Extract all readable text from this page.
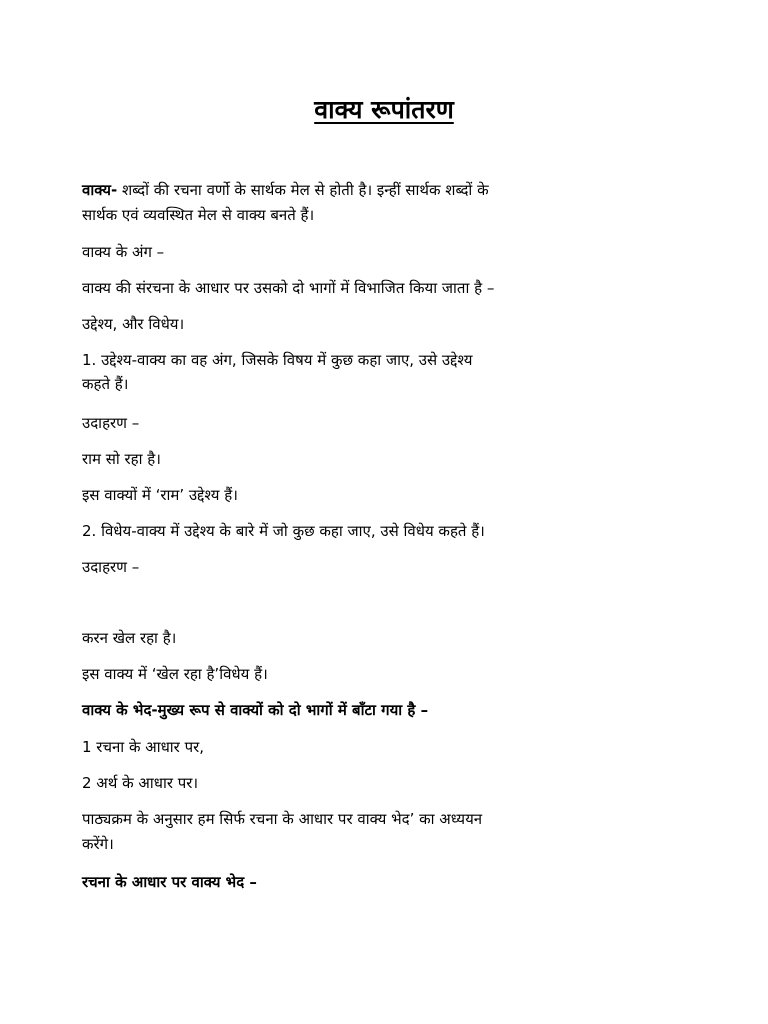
वाक्य रूपांतरण
वाक्य- शब्दों की रचना वर्णो के सार्थक मेल से होती है। इन्हीं सार्थक शब्दों के
सार्थक एवं व्यवस्थित मेल से वाक्य बनते हैं।
वाक्य के अंग –
वाक्य की संरचना के आधार पर उसको दो भागों में विभाजित किया जाता है –
उद्देश्य, और विधेय।
1. उद्देश्य-वाक्य का वह अंग, जिसके विषय में कुछ कहा जाए, उसे उद्देश्य
कहते हैं।
उदाहरण –
राम सो रहा है।
इस वाक्यों में ‘राम’ उद्देश्य हैं।
2. विधेय-वाक्य में उद्देश्य के बारे में जो कुछ कहा जाए, उसे विधेय कहते हैं।
उदाहरण –
करन खेल रहा है।
इस वाक्य में ‘खेल रहा है’विधेय हैं।
वाक्य के भेद-मुख्य रूप से वाक्यों को दो भागों में बाँटा गया है –
1 रचना के आधार पर,
2 अर्थ के आधार पर।
पाठ्यक्रम के अनुसार हम सिर्फ रचना के आधार पर वाक्य भेद’ का अध्ययन
करेंगे।
रचना के आधार पर वाक्य भेद –
